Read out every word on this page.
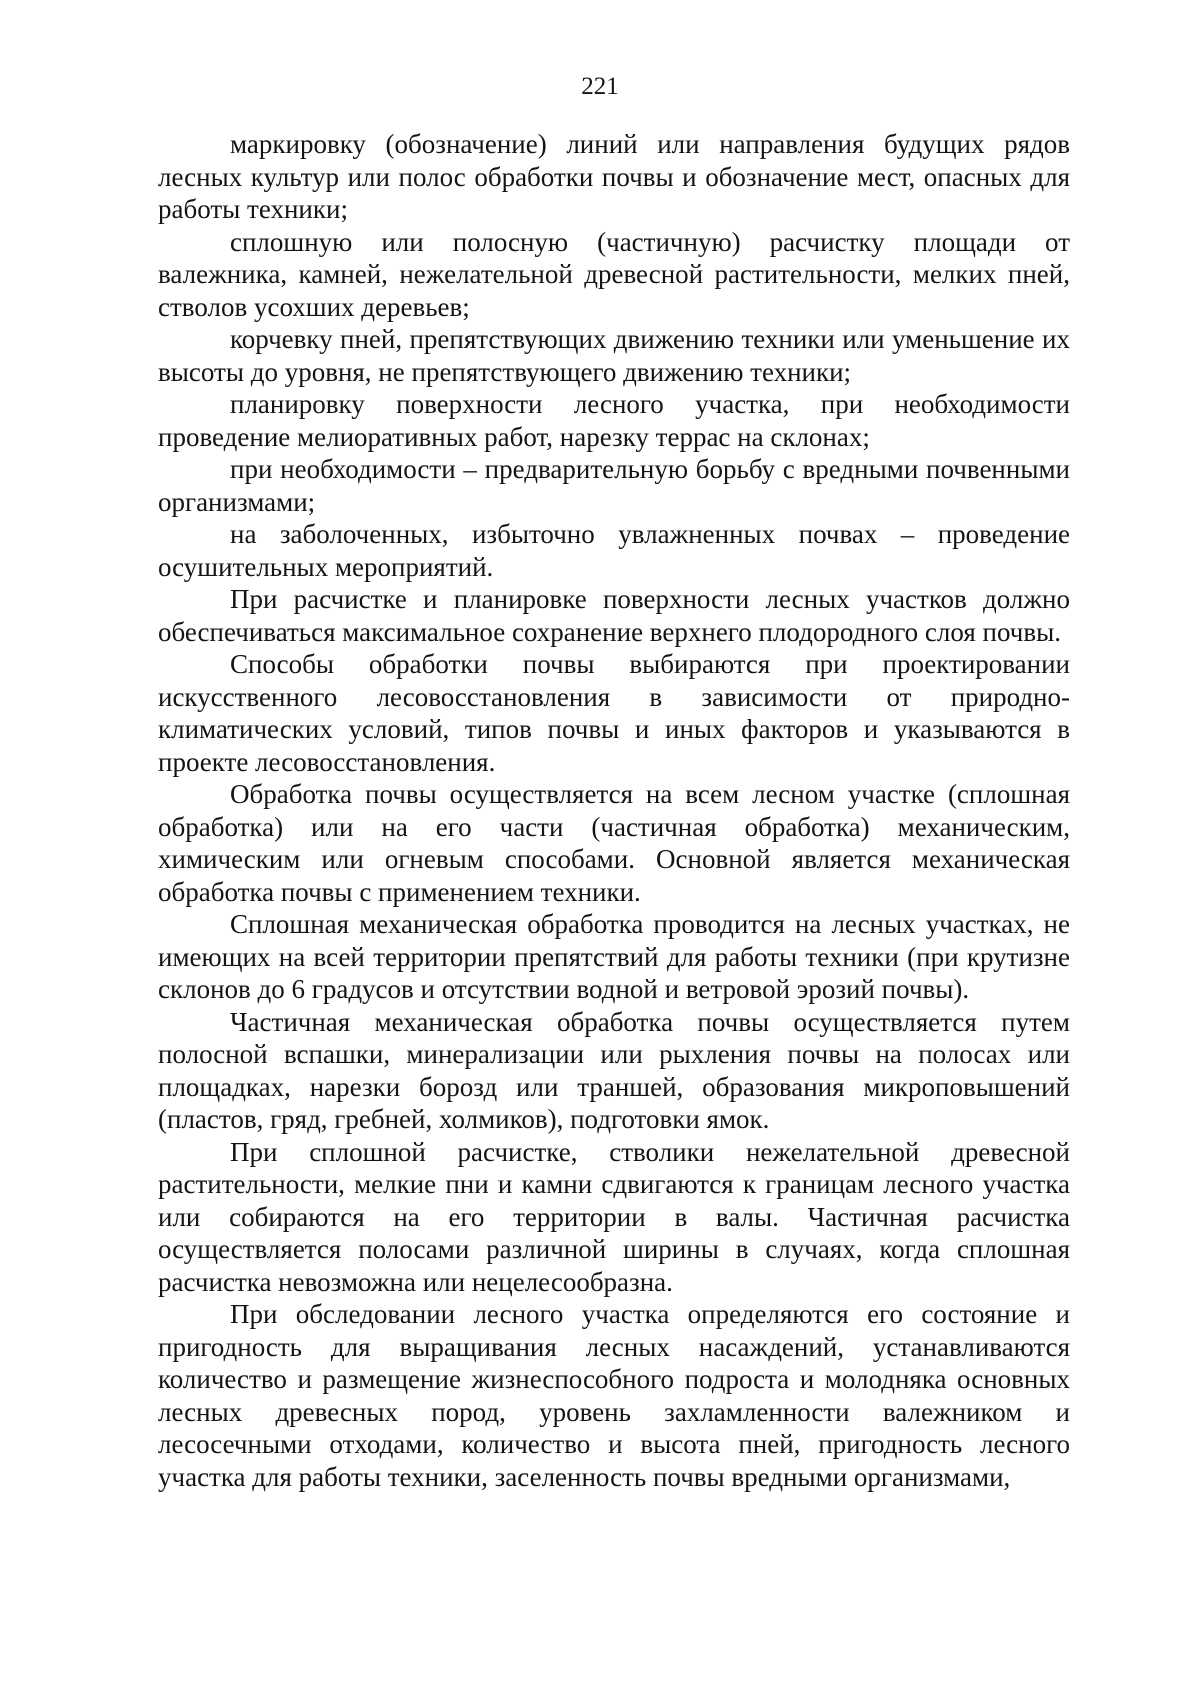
221

маркировку (обозначение) линий или направления будущих рядов лесных культур или полос обработки почвы и обозначение мест, опасных для работы техники;

сплошную или полосную (частичную) расчистку площади от валежника, камней, нежелательной древесной растительности, мелких пней, стволов усохших деревьев;

корчевку пней, препятствующих движению техники или уменьшение их высоты до уровня, не препятствующего движению техники;

планировку поверхности лесного участка, при необходимости проведение мелиоративных работ, нарезку террас на склонах;

при необходимости – предварительную борьбу с вредными почвенными организмами;

на заболоченных, избыточно увлажненных почвах – проведение осушительных мероприятий.

При расчистке и планировке поверхности лесных участков должно обеспечиваться максимальное сохранение верхнего плодородного слоя почвы.

Способы обработки почвы выбираются при проектировании искусственного лесовосстановления в зависимости от природно-климатических условий, типов почвы и иных факторов и указываются в проекте лесовосстановления.

Обработка почвы осуществляется на всем лесном участке (сплошная обработка) или на его части (частичная обработка) механическим, химическим или огневым способами. Основной является механическая обработка почвы с применением техники.

Сплошная механическая обработка проводится на лесных участках, не имеющих на всей территории препятствий для работы техники (при крутизне склонов до 6 градусов и отсутствии водной и ветровой эрозий почвы).

Частичная механическая обработка почвы осуществляется путем полосной вспашки, минерализации или рыхления почвы на полосах или площадках, нарезки борозд или траншей, образования микроповышений (пластов, гряд, гребней, холмиков), подготовки ямок.

При сплошной расчистке, стволики нежелательной древесной растительности, мелкие пни и камни сдвигаются к границам лесного участка или собираются на его территории в валы. Частичная расчистка осуществляется полосами различной ширины в случаях, когда сплошная расчистка невозможна или нецелесообразна.

При обследовании лесного участка определяются его состояние и пригодность для выращивания лесных насаждений, устанавливаются количество и размещение жизнеспособного подроста и молодняка основных лесных древесных пород, уровень захламленности валежником и лесосечными отходами, количество и высота пней, пригодность лесного участка для работы техники, заселенность почвы вредными организмами,
